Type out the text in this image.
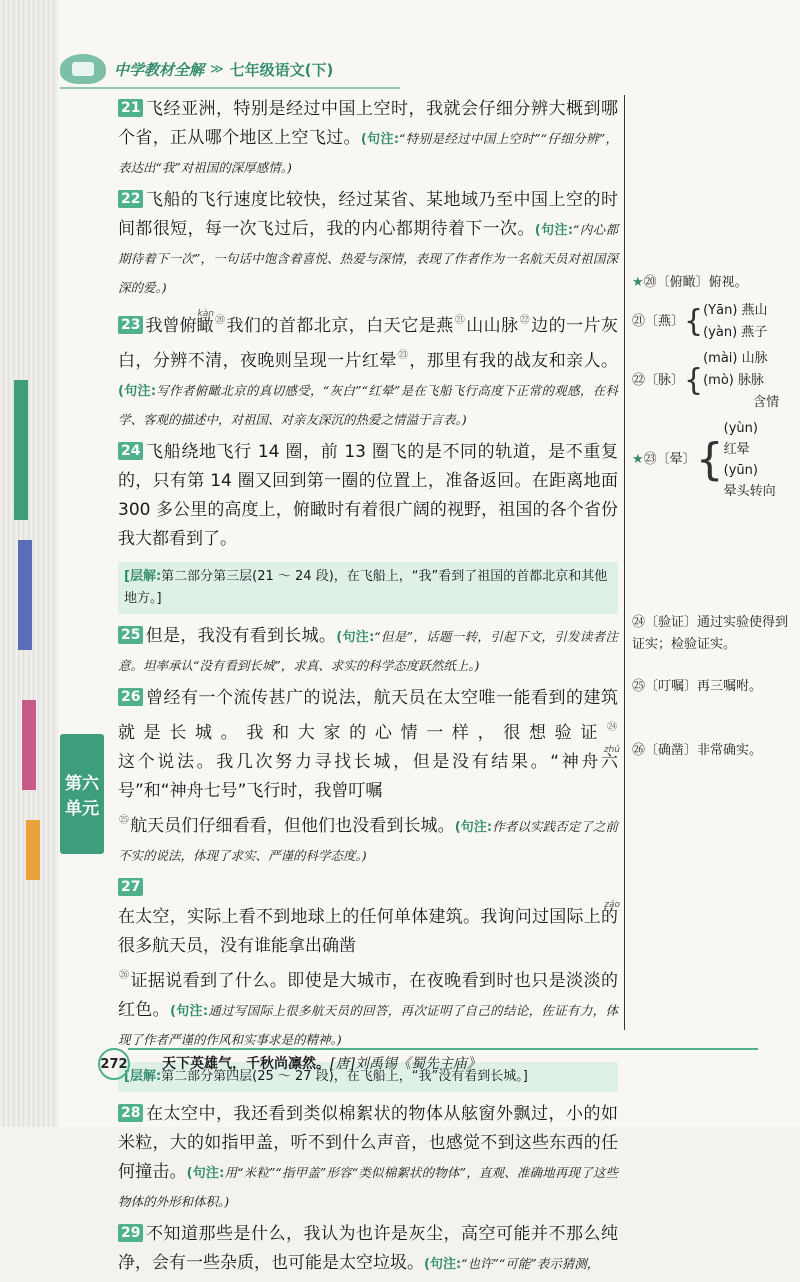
中学教材全解 ≫ 七年级语文(下)
第六
单元

21 飞经亚洲，特别是经过中国上空时，我就会仔细分辨大概到哪个省，正从哪个地区上空飞过。(句注:“特别是经过中国上空时”“仔细分辨”，表达出“我”对祖国的深厚感情。)

22 飞船的飞行速度比较快，经过某省、某地域乃至中国上空的时间都很短，每一次飞过后，我的内心都期待着下一次。(句注:“内心都期待着下一次”，一句话中饱含着喜悦、热爱与深情，表现了作者作为一名航天员对祖国深深的爱。)

23 我曾俯瞰
kàn
⑳我们的首都北京，白天它是燕$^㉑$山山脉$^㉒$边的一片灰白，分辨不清，夜晚则呈现一片红晕$^㉓$，那里有我的战友和亲人。(句注:写作者俯瞰北京的真切感受，“灰白”“红晕”是在飞船飞行高度下正常的观感，在科学、客观的描述中，对祖国、对亲友深沉的热爱之情溢于言表。)

24 飞船绕地飞行 14 圈，前 13 圈飞的是不同的轨道，是不重复的，只有第 14 圈又回到第一圈的位置上，准备返回。在距离地面 300 多公里的高度上，俯瞰时有着很广阔的视野，祖国的各个省份我大都看到了。

[层解:第二部分第三层(21 ～ 24 段)，在飞船上，“我”看到了祖国的首都北京和其他地方。]

25 但是，我没有看到长城。(句注:“但是”，话题一转，引起下文，引发读者注意。坦率承认“没有看到长城”，求真、求实的科学态度跃然纸上。)

26 曾经有一个流传甚广的说法，航天员在太空唯一能看到的建筑就是长城。我和大家的心情一样，很想验证$^㉔$这个说法。我几次努力寻找长城，但是没有结果。“神舟六号”和“神舟七号”飞行时，我曾叮嘱
zhǔ
$^㉕$航天员们仔细看看，但他们也没看到长城。(句注:作者以实践否定了之前不实的说法，体现了求实、严谨的科学态度。)

27在太空，实际上看不到地球上的任何单体建筑。我询问过国际上的很多航天员，没有谁能拿出确凿
záo
$^㉖$证据说看到了什么。即使是大城市，在夜晚看到时也只是淡淡的红色。(句注:通过写国际上很多航天员的回答，再次证明了自己的结论，佐证有力，体现了作者严谨的作风和实事求是的精神。)

[层解:第二部分第四层(25 ～ 27 段)，在飞船上，“我”没有看到长城。]

28 在太空中，我还看到类似棉絮状的物体从舷窗外飘过，小的如米粒，大的如指甲盖，听不到什么声音，也感觉不到这些东西的任何撞击。(句注:用“米粒”“指甲盖”形容“类似棉絮状的物体”，直观、准确地再现了这些物体的外形和体积。)

29 不知道那些是什么，我认为也许是灰尘，高空可能并不那么纯净，会有一些杂质，也可能是太空垃圾。(句注:“也许”“可能”表示猜测，

★⑳〔俯瞰〕俯视。
㉑〔燕〕 { (Yān) 燕山
(yàn) 燕子
㉒〔脉〕 {
(mài) 山脉
(mò) 脉脉
含情
★ ㉓〔晕〕 {
(yùn)
红晕
(yūn)
晕头转向
㉔〔验证〕通过实验使得到证实；检验证实。
㉕〔叮嘱〕再三嘱咐。
㉖〔确凿〕非常确实。
272 天下英雄气，千秋尚凛然。[唐]刘禹锡《蜀先主庙》
